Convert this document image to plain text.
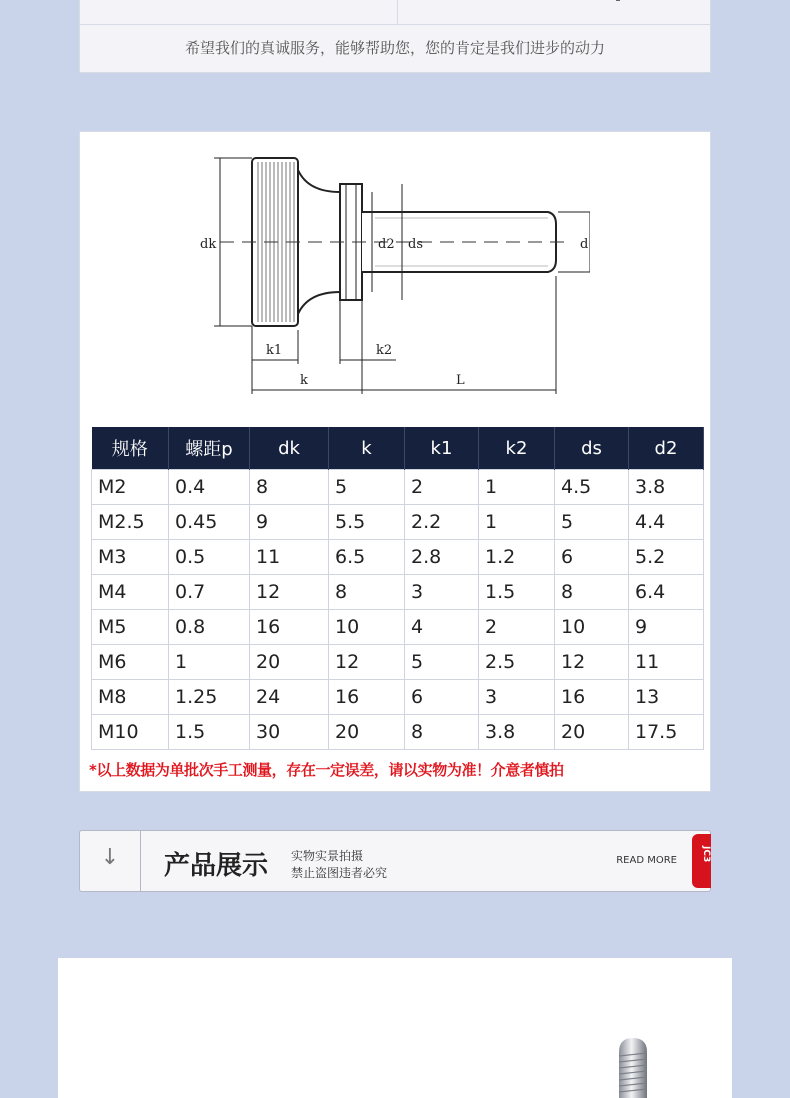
希望我们的真诚服务，能够帮助您，您的肯定是我们进步的动力
dk	d2 ds	d
k1	k2
k	L
规格	螺距p	dk	k	k1	k2	ds	d2
M2	0.4	8	5	2	1	4.5	3.8
M2.5	0.45	9	5.5	2.2	1	5	4.4
M3	0.5	11	6.5	2.8	1.2	6	5.2
M4	0.7	12	8	3	1.5	8	6.4
M5	0.8	16	10	4	2	10	9
M6	1	20	12	5	2.5	12	11
M8	1.25	24	16	6	3	16	13
M10	1.5	30	20	8	3.8	20	17.5
*以上数据为单批次手工测量，存在一定误差，请以实物为准！介意者慎拍
↓	产品展示 实物实景拍摄
禁止盗图违者必究
READ MORE	JC3
